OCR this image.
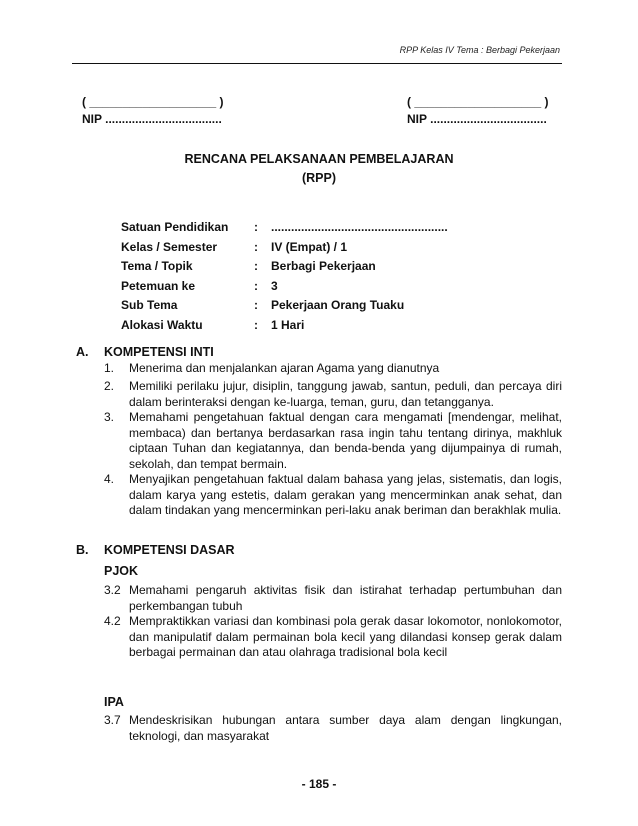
RPP Kelas IV Tema : Berbagi Pekerjaan
( ___________________ )
NIP ...................................
( ___________________ )
NIP ...................................
RENCANA PELAKSANAAN PEMBELAJARAN
(RPP)
Satuan Pendidikan	:	.....................................................
Kelas / Semester	:	IV (Empat) / 1
Tema / Topik	:	Berbagi Pekerjaan
Petemuan ke	:	3
Sub Tema	:	Pekerjaan Orang Tuaku
Alokasi Waktu	:	1 Hari
A. KOMPETENSI INTI
1.	Menerima dan menjalankan ajaran Agama yang dianutnya
2.	Memiliki perilaku jujur, disiplin, tanggung jawab, santun, peduli, dan percaya diri dalam berinteraksi dengan ke-luarga, teman, guru, dan tetangganya.
3.	Memahami pengetahuan faktual dengan cara mengamati [mendengar, melihat, membaca) dan bertanya berdasarkan rasa ingin tahu tentang dirinya, makhluk ciptaan Tuhan dan kegiatannya, dan benda-benda yang dijumpainya di rumah, sekolah, dan tempat bermain.
4.	Menyajikan pengetahuan faktual dalam bahasa yang jelas, sistematis, dan logis, dalam karya yang estetis, dalam gerakan yang mencerminkan anak sehat, dan dalam tindakan yang mencerminkan peri-laku anak beriman dan berakhlak mulia.
B. KOMPETENSI DASAR
PJOK
3.2 Memahami pengaruh aktivitas fisik dan istirahat terhadap pertumbuhan dan perkembangan tubuh
4.2 Mempraktikkan variasi dan kombinasi pola gerak dasar lokomotor, nonlokomotor, dan manipulatif dalam permainan bola kecil yang dilandasi konsep gerak dalam berbagai permainan dan atau olahraga tradisional bola kecil
IPA
3.7 Mendeskrisikan hubungan antara sumber daya alam dengan lingkungan, teknologi, dan masyarakat
- 185 -
